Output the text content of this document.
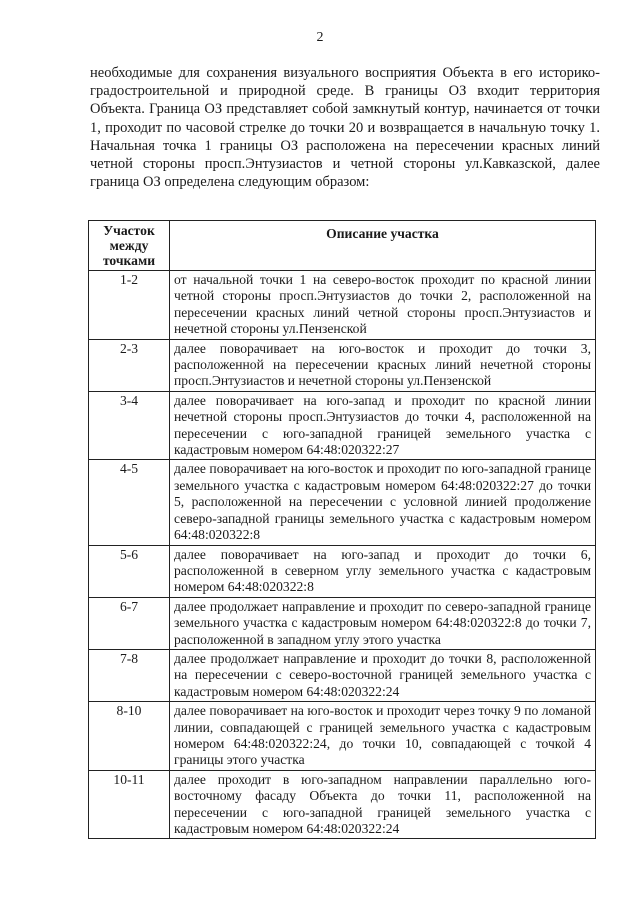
2

необходимые для сохранения визуального восприятия Объекта в его историко-градостроительной и природной среде. В границы ОЗ входит территория Объекта. Граница ОЗ представляет собой замкнутый контур, начинается от точки 1, проходит по часовой стрелке до точки 20 и возвращается в начальную точку 1. Начальная точка 1 границы ОЗ расположена на пересечении красных линий четной стороны просп.Энтузиастов и четной стороны ул.Кавказской, далее граница ОЗ определена следующим образом:

Участок между точками	Описание участка
1-2	от начальной точки 1 на северо-восток проходит по красной линии четной стороны просп.Энтузиастов до точки 2, расположенной на пересечении красных линий четной стороны просп.Энтузиастов и нечетной стороны ул.Пензенской
2-3	далее поворачивает на юго-восток и проходит до точки 3, расположенной на пересечении красных линий нечетной стороны просп.Энтузиастов и нечетной стороны ул.Пензенской
3-4	далее поворачивает на юго-запад и проходит по красной линии нечетной стороны просп.Энтузиастов до точки 4, расположенной на пересечении с юго-западной границей земельного участка с кадастровым номером 64:48:020322:27
4-5	далее поворачивает на юго-восток и проходит по юго-западной границе земельного участка с кадастровым номером 64:48:020322:27 до точки 5, расположенной на пересечении с условной линией продолжение северо-западной границы земельного участка с кадастровым номером 64:48:020322:8
5-6	далее поворачивает на юго-запад и проходит до точки 6, расположенной в северном углу земельного участка с кадастровым номером 64:48:020322:8
6-7	далее продолжает направление и проходит по северо-западной границе земельного участка с кадастровым номером 64:48:020322:8 до точки 7, расположенной в западном углу этого участка
7-8	далее продолжает направление и проходит до точки 8, расположенной на пересечении с северо-восточной границей земельного участка с кадастровым номером 64:48:020322:24
8-10	далее поворачивает на юго-восток и проходит через точку 9 по ломаной линии, совпадающей с границей земельного участка с кадастровым номером 64:48:020322:24, до точки 10, совпадающей с точкой 4 границы этого участка
10-11	далее проходит в юго-западном направлении параллельно юго-восточному фасаду Объекта до точки 11, расположенной на пересечении с юго-западной границей земельного участка с кадастровым номером 64:48:020322:24
